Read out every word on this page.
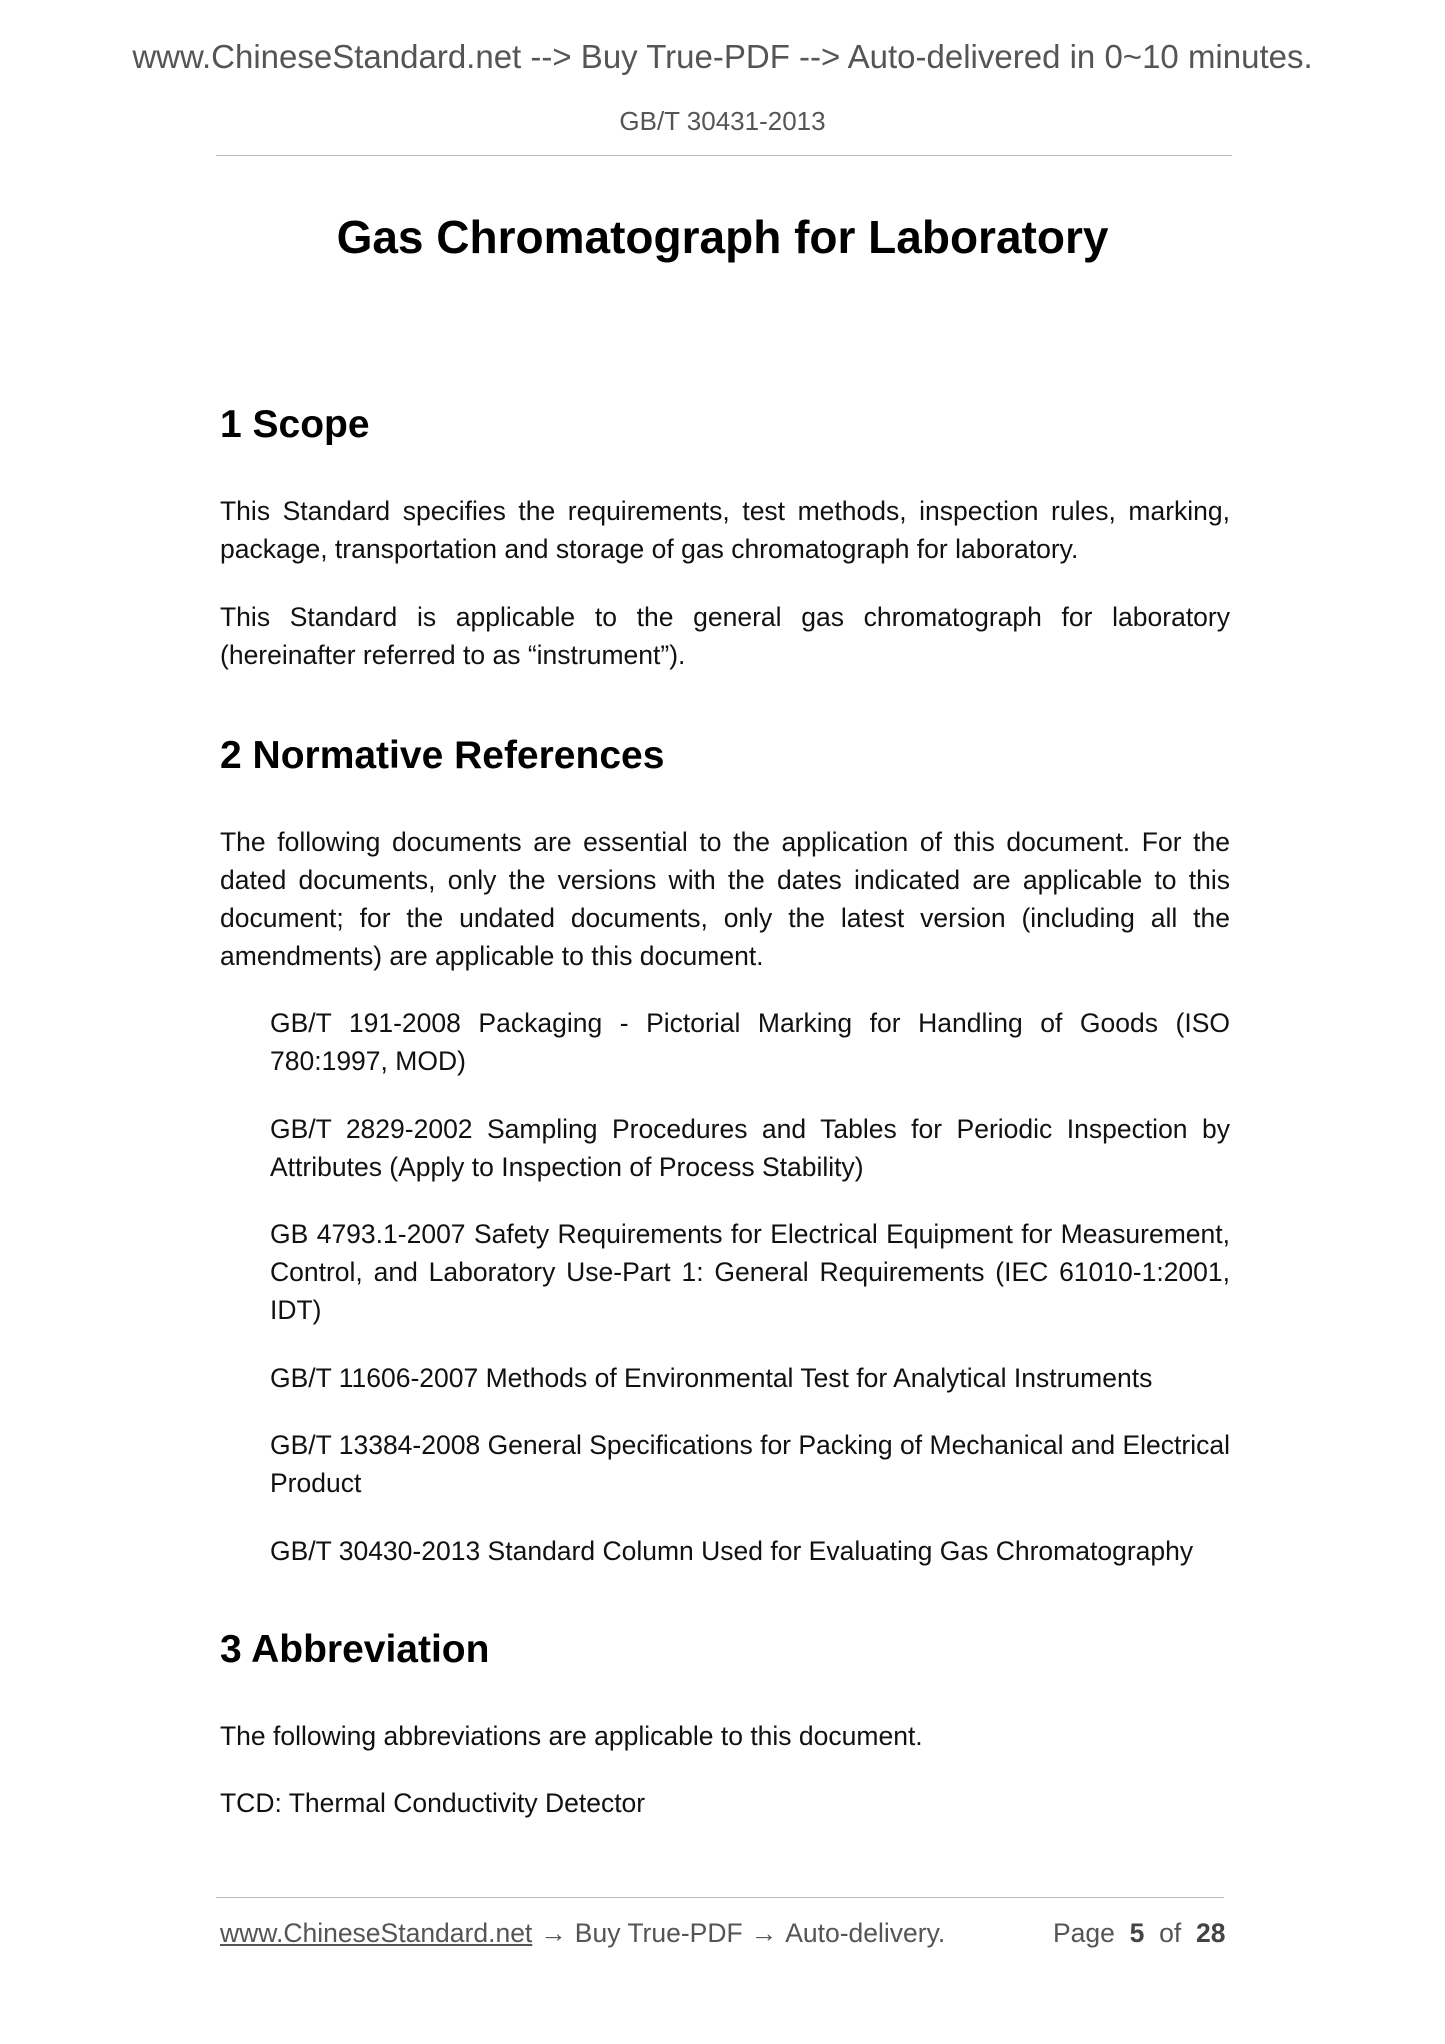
www.ChineseStandard.net --> Buy True-PDF --> Auto-delivered in 0~10 minutes.
GB/T 30431-2013
Gas Chromatograph for Laboratory
1 Scope

This Standard specifies the requirements, test methods, inspection rules, marking, package, transportation and storage of gas chromatograph for laboratory.

This Standard is applicable to the general gas chromatograph for laboratory (hereinafter referred to as “instrument”).

2 Normative References

The following documents are essential to the application of this document. For the dated documents, only the versions with the dates indicated are applicable to this document; for the undated documents, only the latest version (including all the amendments) are applicable to this document.

GB/T 191-2008 Packaging - Pictorial Marking for Handling of Goods (ISO 780:1997, MOD)

GB/T 2829-2002 Sampling Procedures and Tables for Periodic Inspection by Attributes (Apply to Inspection of Process Stability)

GB 4793.1-2007 Safety Requirements for Electrical Equipment for Measurement, Control, and Laboratory Use-Part 1: General Requirements (IEC 61010-1:2001, IDT)

GB/T 11606-2007 Methods of Environmental Test for Analytical Instruments

GB/T 13384-2008 General Specifications for Packing of Mechanical and Electrical Product

GB/T 30430-2013 Standard Column Used for Evaluating Gas Chromatography

3 Abbreviation

The following abbreviations are applicable to this document.

TCD: Thermal Conductivity Detector

www.ChineseStandard.net → Buy True-PDF → Auto-delivery.	Page 5 of 28
